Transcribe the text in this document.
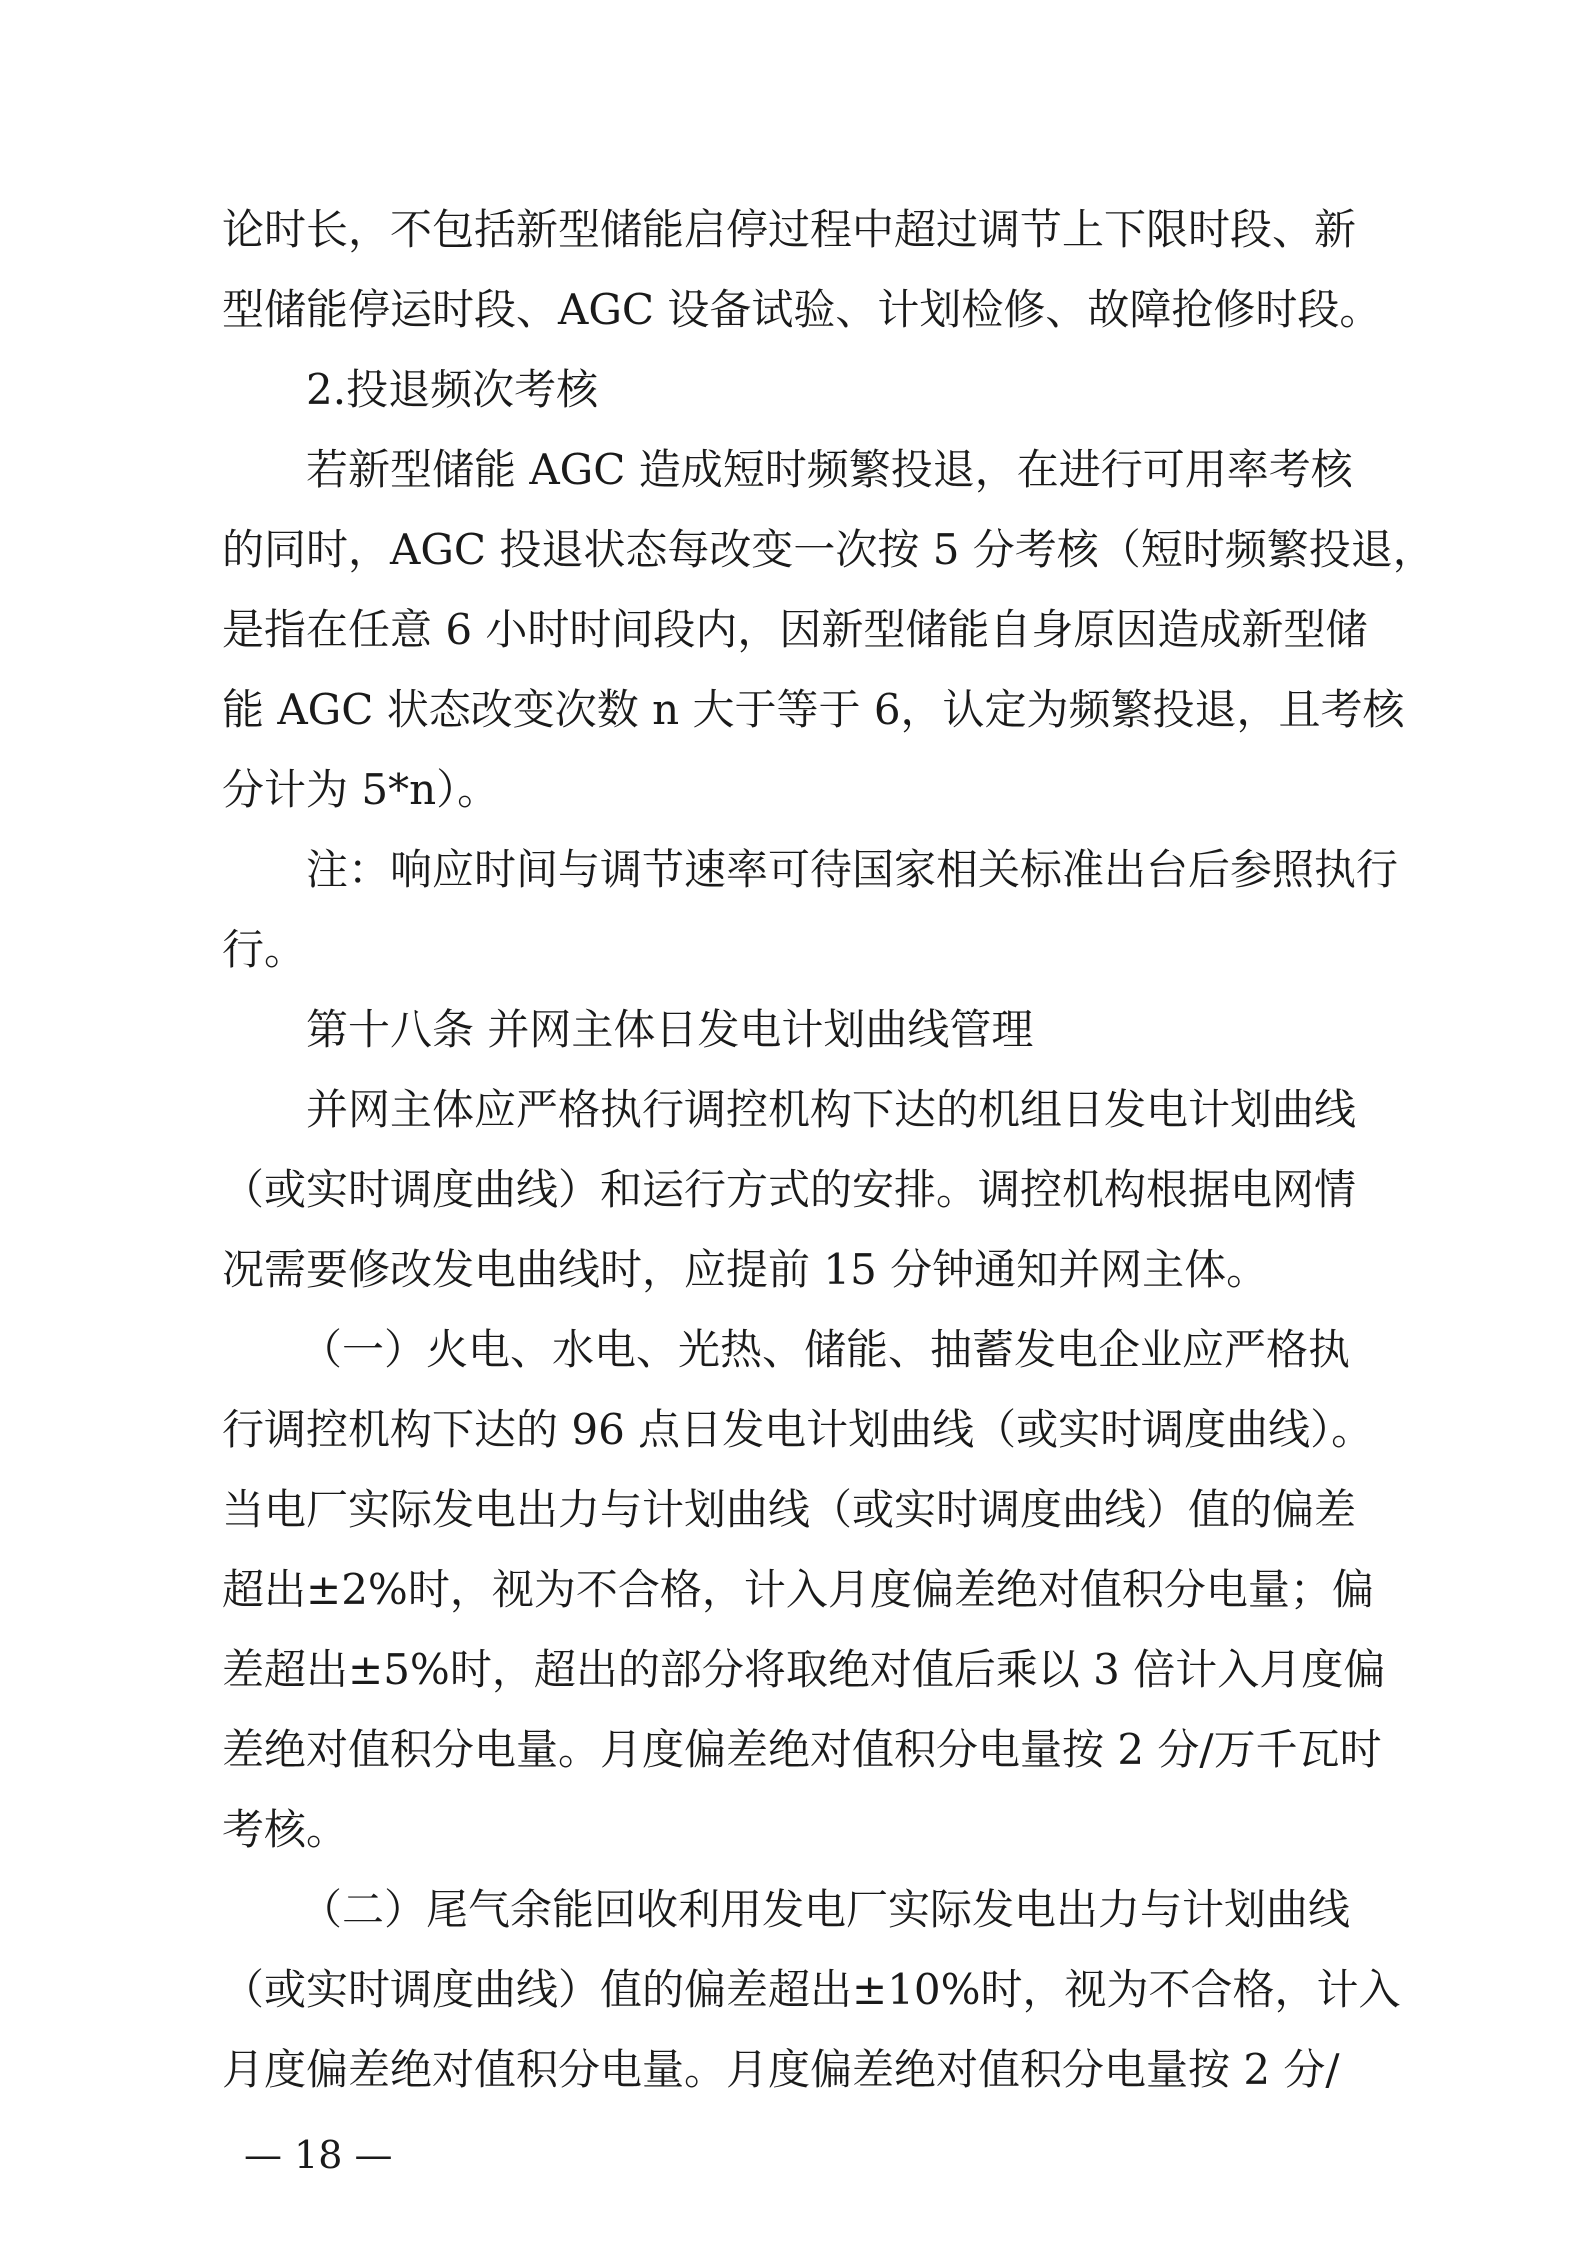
论时长，不包括新型储能启停过程中超过调节上下限时段、新
型储能停运时段、AGC 设备试验、计划检修、故障抢修时段。
2.投退频次考核
若新型储能 AGC 造成短时频繁投退，在进行可用率考核
的同时，AGC 投退状态每改变一次按 5 分考核（短时频繁投退，
是指在任意 6 小时时间段内，因新型储能自身原因造成新型储
能 AGC 状态改变次数 n 大于等于 6，认定为频繁投退，且考核
分计为 5*n）。
注：响应时间与调节速率可待国家相关标准出台后参照执行
行。
第十八条 并网主体日发电计划曲线管理
并网主体应严格执行调控机构下达的机组日发电计划曲线
（或实时调度曲线）和运行方式的安排。调控机构根据电网情
况需要修改发电曲线时，应提前 15 分钟通知并网主体。
（一）火电、水电、光热、储能、抽蓄发电企业应严格执
行调控机构下达的 96 点日发电计划曲线（或实时调度曲线）。
当电厂实际发电出力与计划曲线（或实时调度曲线）值的偏差
超出±2%时，视为不合格，计入月度偏差绝对值积分电量；偏
差超出±5%时，超出的部分将取绝对值后乘以 3 倍计入月度偏
差绝对值积分电量。月度偏差绝对值积分电量按 2 分/万千瓦时
考核。
（二）尾气余能回收利用发电厂实际发电出力与计划曲线
（或实时调度曲线）值的偏差超出±10%时，视为不合格，计入
月度偏差绝对值积分电量。月度偏差绝对值积分电量按 2 分/
— 18 —
